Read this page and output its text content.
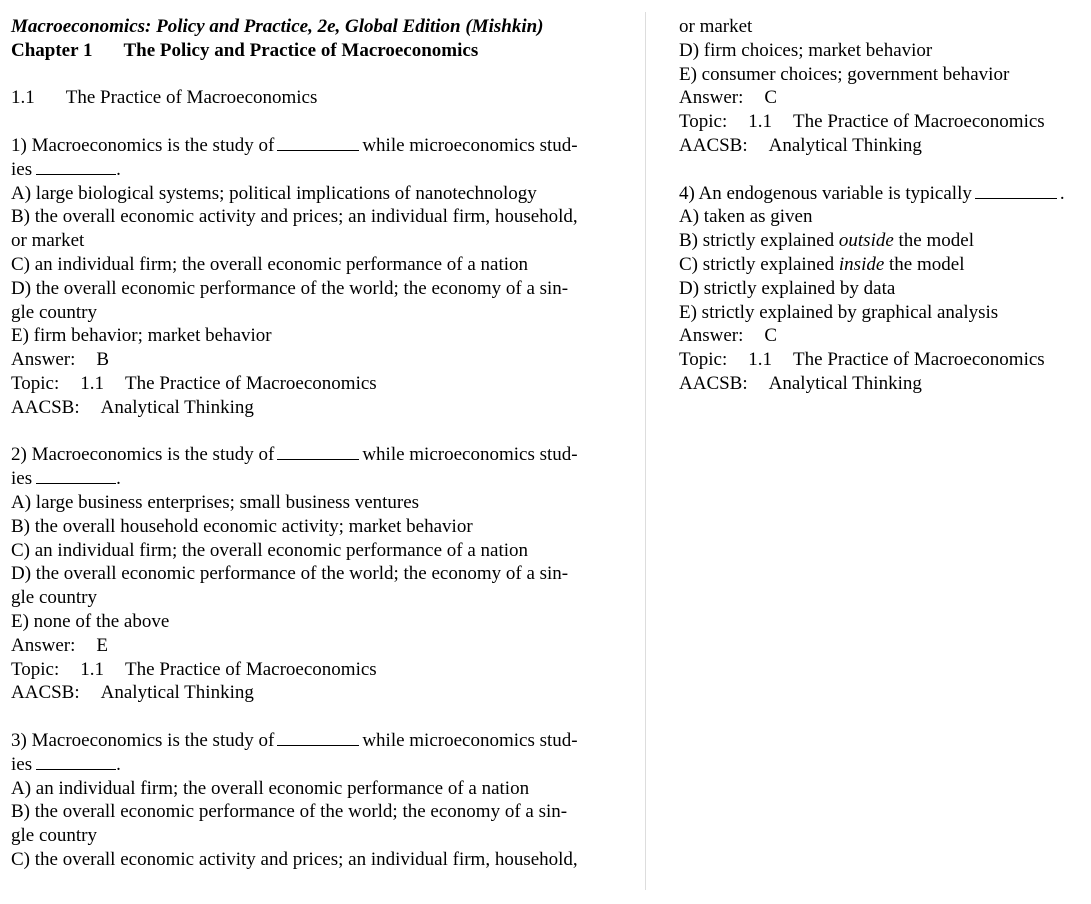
Macroeconomics: Policy and Practice, 2e, Global Edition (Mishkin)
Chapter 1 The Policy and Practice of Macroeconomics
1.1 The Practice of Macroeconomics
1) Macroeconomics is the study of	while microeconomics stud-
ies	.
A) large biological systems; political implications of nanotechnology
B) the overall economic activity and prices; an individual firm, household,
or market
C) an individual firm; the overall economic performance of a nation
D) the overall economic performance of the world; the economy of a sin-
gle country
E) firm behavior; market behavior
Answer: B
Topic: 1.1 The Practice of Macroeconomics
AACSB: Analytical Thinking
2) Macroeconomics is the study of	while microeconomics stud-
ies	.
A) large business enterprises; small business ventures
B) the overall household economic activity; market behavior
C) an individual firm; the overall economic performance of a nation
D) the overall economic performance of the world; the economy of a sin-
gle country
E) none of the above
Answer: E
Topic: 1.1 The Practice of Macroeconomics
AACSB: Analytical Thinking
3) Macroeconomics is the study of	while microeconomics stud-
ies	.
A) an individual firm; the overall economic performance of a nation
B) the overall economic performance of the world; the economy of a sin-
gle country
C) the overall economic activity and prices; an individual firm, household,
or market
D) firm choices; market behavior
E) consumer choices; government behavior
Answer: C
Topic: 1.1 The Practice of Macroeconomics
AACSB: Analytical Thinking
4) An endogenous variable is typically	.
A) taken as given
B) strictly explained outside the model
C) strictly explained inside the model
D) strictly explained by data
E) strictly explained by graphical analysis
Answer: C
Topic: 1.1 The Practice of Macroeconomics
AACSB: Analytical Thinking
